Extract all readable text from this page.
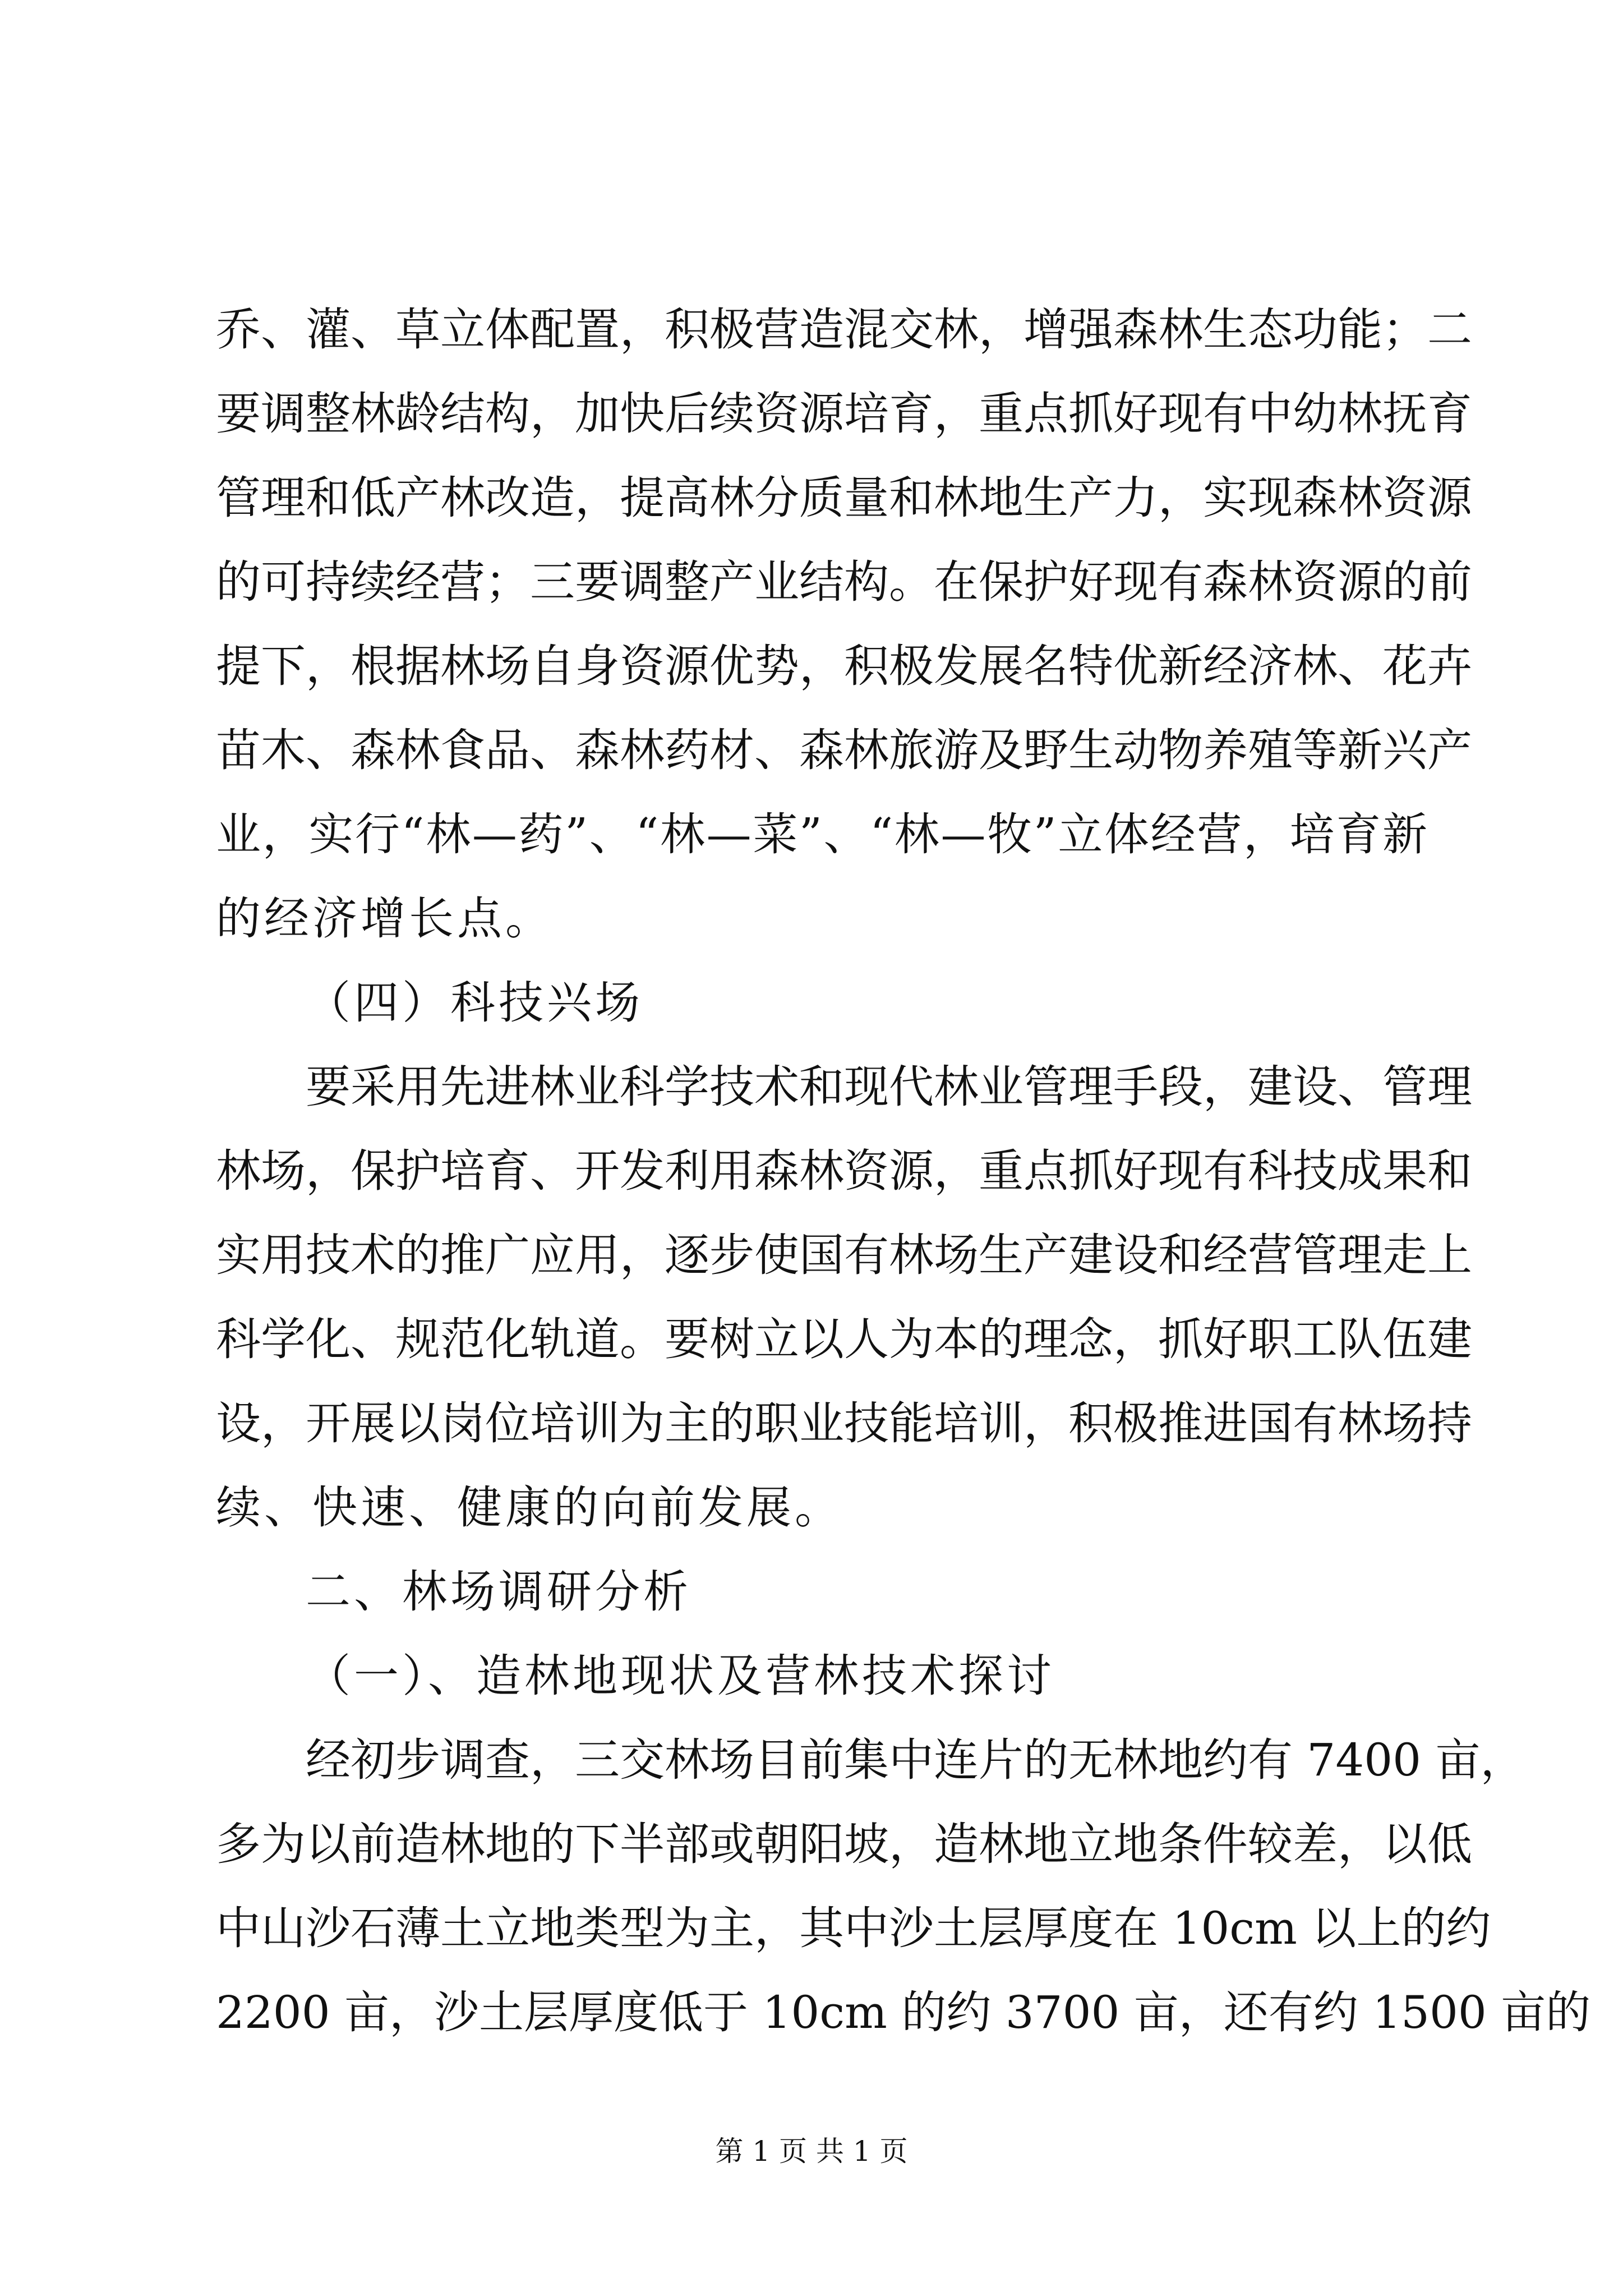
乔、灌、草立体配置，积极营造混交林，增强森林生态功能；二
要调整林龄结构，加快后续资源培育，重点抓好现有中幼林抚育
管理和低产林改造，提高林分质量和林地生产力，实现森林资源
的可持续经营；三要调整产业结构。在保护好现有森林资源的前
提下，根据林场自身资源优势，积极发展名特优新经济林、花卉
苗木、森林食品、森林药材、森林旅游及野生动物养殖等新兴产
业，实行“林—药”、“林—菜”、“林—牧”立体经营，培育新
的经济增长点。
（四）科技兴场
要采用先进林业科学技术和现代林业管理手段，建设、管理
林场，保护培育、开发利用森林资源，重点抓好现有科技成果和
实用技术的推广应用，逐步使国有林场生产建设和经营管理走上
科学化、规范化轨道。要树立以人为本的理念，抓好职工队伍建
设，开展以岗位培训为主的职业技能培训，积极推进国有林场持
续、快速、健康的向前发展。
二、林场调研分析
（一）、造林地现状及营林技术探讨
经初步调查，三交林场目前集中连片的无林地约有 7400 亩，
多为以前造林地的下半部或朝阳坡，造林地立地条件较差，以低
中山沙石薄土立地类型为主，其中沙土层厚度在 10cm 以上的约
2200 亩，沙土层厚度低于 10cm 的约 3700 亩，还有约 1500 亩的
第 1 页 共 1 页
